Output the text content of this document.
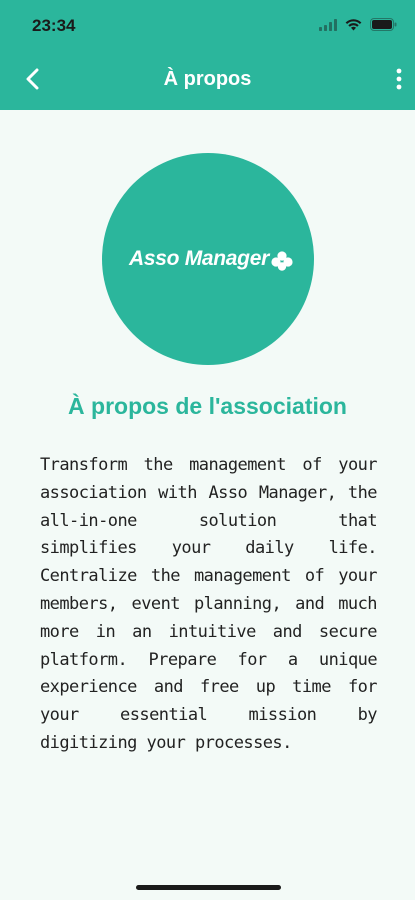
23:34
À propos
Asso Manager
À propos de l'association

Transform the management of your association with Asso Manager, the all-in-one solution that simplifies your daily life. Centralize the management of your members, event planning, and much more in an intuitive and secure platform. Prepare for a unique experience and free up time for your essential mission by digitizing your processes.
